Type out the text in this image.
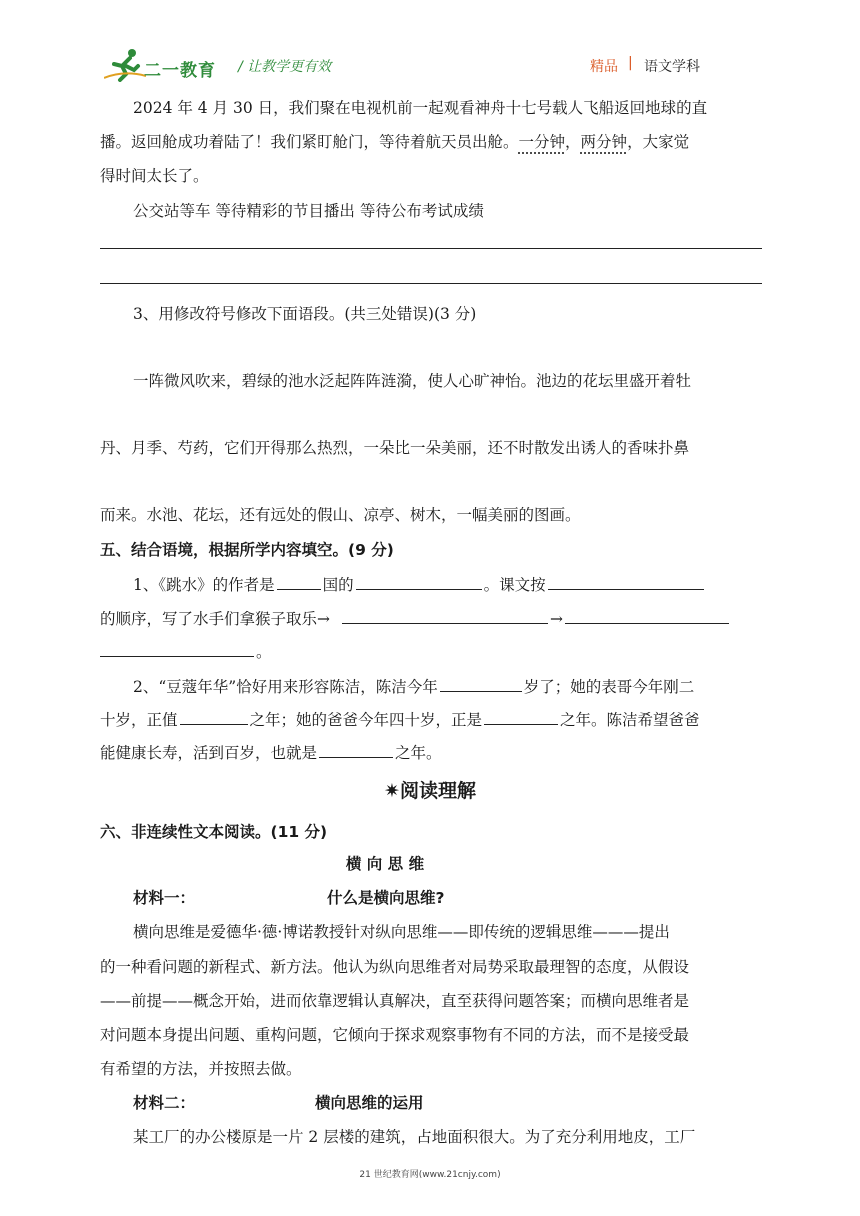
二一教育 / 让教学更有效	精品 | 语文学科
2024 年 4 月 30 日，我们聚在电视机前一起观看神舟十七号载人飞船返回地球的直
播。返回舱成功着陆了！我们紧盯舱门，等待着航天员出舱。一分钟，两分钟，大家觉
得时间太长了。
公交站等车 等待精彩的节目播出 等待公布考试成绩
3、用修改符号修改下面语段。(共三处错误)(3 分)
一阵微风吹来，碧绿的池水泛起阵阵涟漪，使人心旷神怡。池边的花坛里盛开着牡
丹、月季、芍药，它们开得那么热烈，一朵比一朵美丽，还不时散发出诱人的香味扑鼻
而来。水池、花坛，还有远处的假山、凉亭、树木，一幅美丽的图画。
五、结合语境，根据所学内容填空。(9 分)
1、《跳水》的作者是	国的	。课文按
的顺序，写了水手们拿猴子取乐→	→
。
2、“豆蔻年华”恰好用来形容陈洁，陈洁今年	岁了；她的表哥今年刚二
十岁，正值	之年；她的爸爸今年四十岁，正是	之年。陈洁希望爸爸
能健康长寿，活到百岁，也就是	之年。
✷阅读理解
六、非连续性文本阅读。(11 分)
横 向 思 维
材料一：	什么是横向思维?
横向思维是爱德华·德·博诺教授针对纵向思维——即传统的逻辑思维———提出
的一种看问题的新程式、新方法。他认为纵向思维者对局势采取最理智的态度，从假设
——前提——概念开始，进而依靠逻辑认真解决，直至获得问题答案；而横向思维者是
对问题本身提出问题、重构问题，它倾向于探求观察事物有不同的方法，而不是接受最
有希望的方法，并按照去做。
材料二：	横向思维的运用
某工厂的办公楼原是一片 2 层楼的建筑，占地面积很大。为了充分利用地皮，工厂
21 世纪教育网(www.21cnjy.com)
